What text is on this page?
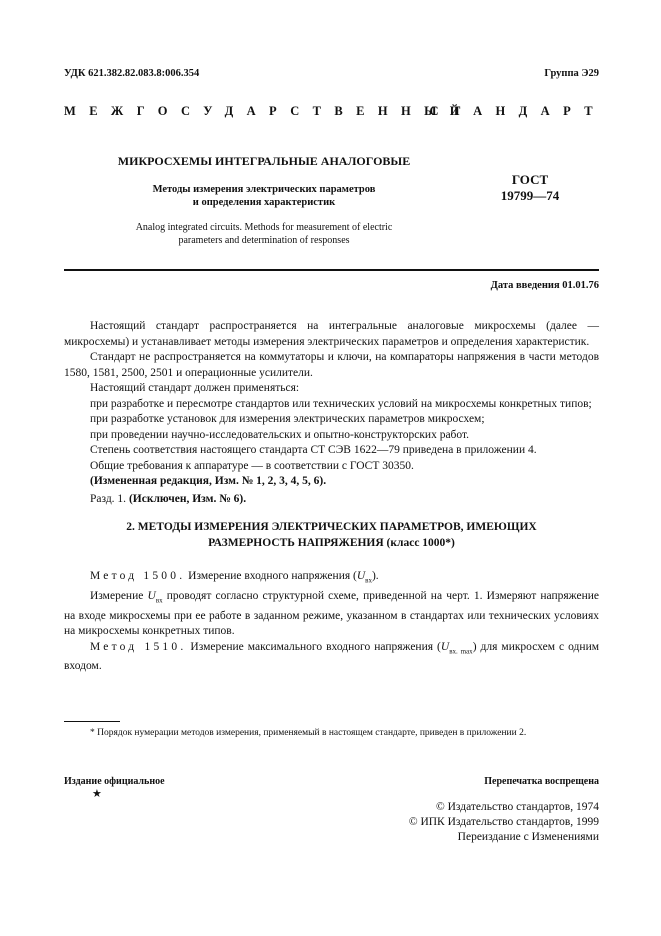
УДК 621.382.82.083.8:006.354	Группа Э29
МЕЖГОСУДАРСТВЕННЫЙ
СТАНДАРТ
МИКРОСХЕМЫ ИНТЕГРАЛЬНЫЕ АНАЛОГОВЫЕ
Методы измерения электрических параметров
и определения характеристик
Analog integrated circuits. Methods for measurement of electric
parameters and determination of responses
ГОСТ
19799—74
Дата введения 01.01.76

Настоящий стандарт распространяется на интегральные аналоговые микросхемы (далее — микросхемы) и устанавливает методы измерения электрических параметров и определения характеристик.

Стандарт не распространяется на коммутаторы и ключи, на компараторы напряжения в части методов 1580, 1581, 2500, 2501 и операционные усилители.

Настоящий стандарт должен применяться:

при разработке и пересмотре стандартов или технических условий на микросхемы конкретных типов;

при разработке установок для измерения электрических параметров микросхем;

при проведении научно-исследовательских и опытно-конструкторских работ.

Степень соответствия настоящего стандарта СТ СЭВ 1622—79 приведена в приложении 4.

Общие требования к аппаратуре — в соответствии с ГОСТ 30350.

(Измененная редакция, Изм. № 1, 2, 3, 4, 5, 6).

Разд. 1. (Исключен, Изм. № 6).

2. МЕТОДЫ ИЗМЕРЕНИЯ ЭЛЕКТРИЧЕСКИХ ПАРАМЕТРОВ, ИМЕЮЩИХ
РАЗМЕРНОСТЬ НАПРЯЖЕНИЯ (класс 1000*)

Метод 1500. Измерение входного напряжения $(U_{вх})$.

Измерение $U_{вх}$ проводят согласно структурной схеме, приведенной на черт. 1. Измеряют напряжение на входе микросхемы при ее работе в заданном режиме, указанном в стандартах или технических условиях на микросхемы конкретных типов.

Метод 1510. Измерение максимального входного напряжения $(U_{вх. max})$ для микросхем с одним входом.

* Порядок нумерации методов измерения, применяемый в настоящем стандарте, приведен в приложении 2.

Издание официальное
★
Перепечатка воспрещена
© Издательство стандартов, 1974
© ИПК Издательство стандартов, 1999
Переиздание с Изменениями
